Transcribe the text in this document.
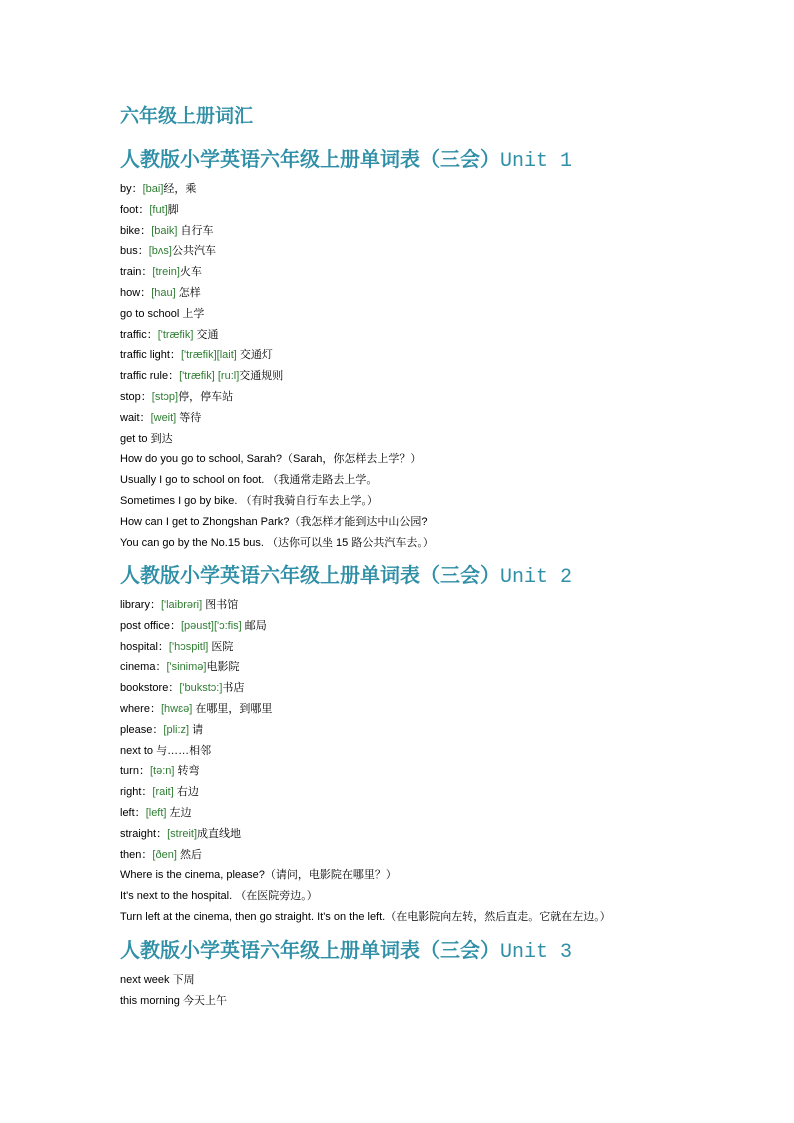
六年级上册词汇
人教版小学英语六年级上册单词表（三会）Unit 1
by：[bai]经，乘
foot：[fut]脚
bike：[baik] 自行车
bus：[bʌs]公共汽车
train：[trein]火车
how：[hau] 怎样
go to school 上学
traffic：['træfik] 交通
traffic light：['træfik][lait] 交通灯
traffic rule：['træfik] [ru:l]交通规则
stop：[stɔp]停，停车站
wait：[weit] 等待
get to 到达
How do you go to school, Sarah?（Sarah，你怎样去上学？）
Usually I go to school on foot. （我通常走路去上学。
Sometimes I go by bike. （有时我骑自行车去上学。）
How can I get to Zhongshan Park?（我怎样才能到达中山公园?
You can go by the No.15 bus. （达你可以坐 15 路公共汽车去。）
人教版小学英语六年级上册单词表（三会）Unit 2
library：['laibrəri] 图书馆
post office：[pəust]['ɔ:fis] 邮局
hospital：['hɔspitl] 医院
cinema：['sinimə]电影院
bookstore：['bukstɔ:]书店
where：[hwɛə] 在哪里，到哪里
please：[pli:z] 请
next to 与……相邻
turn：[tə:n] 转弯
right：[rait] 右边
left：[left] 左边
straight：[streit]成直线地
then：[ðen] 然后
Where is the cinema, please?（请问，电影院在哪里？）
It's next to the hospital. （在医院旁边。）
Turn left at the cinema, then go straight. It's on the left.（在电影院向左转，然后直走。它就在左边。）
人教版小学英语六年级上册单词表（三会）Unit 3
next week 下周
this morning 今天上午
